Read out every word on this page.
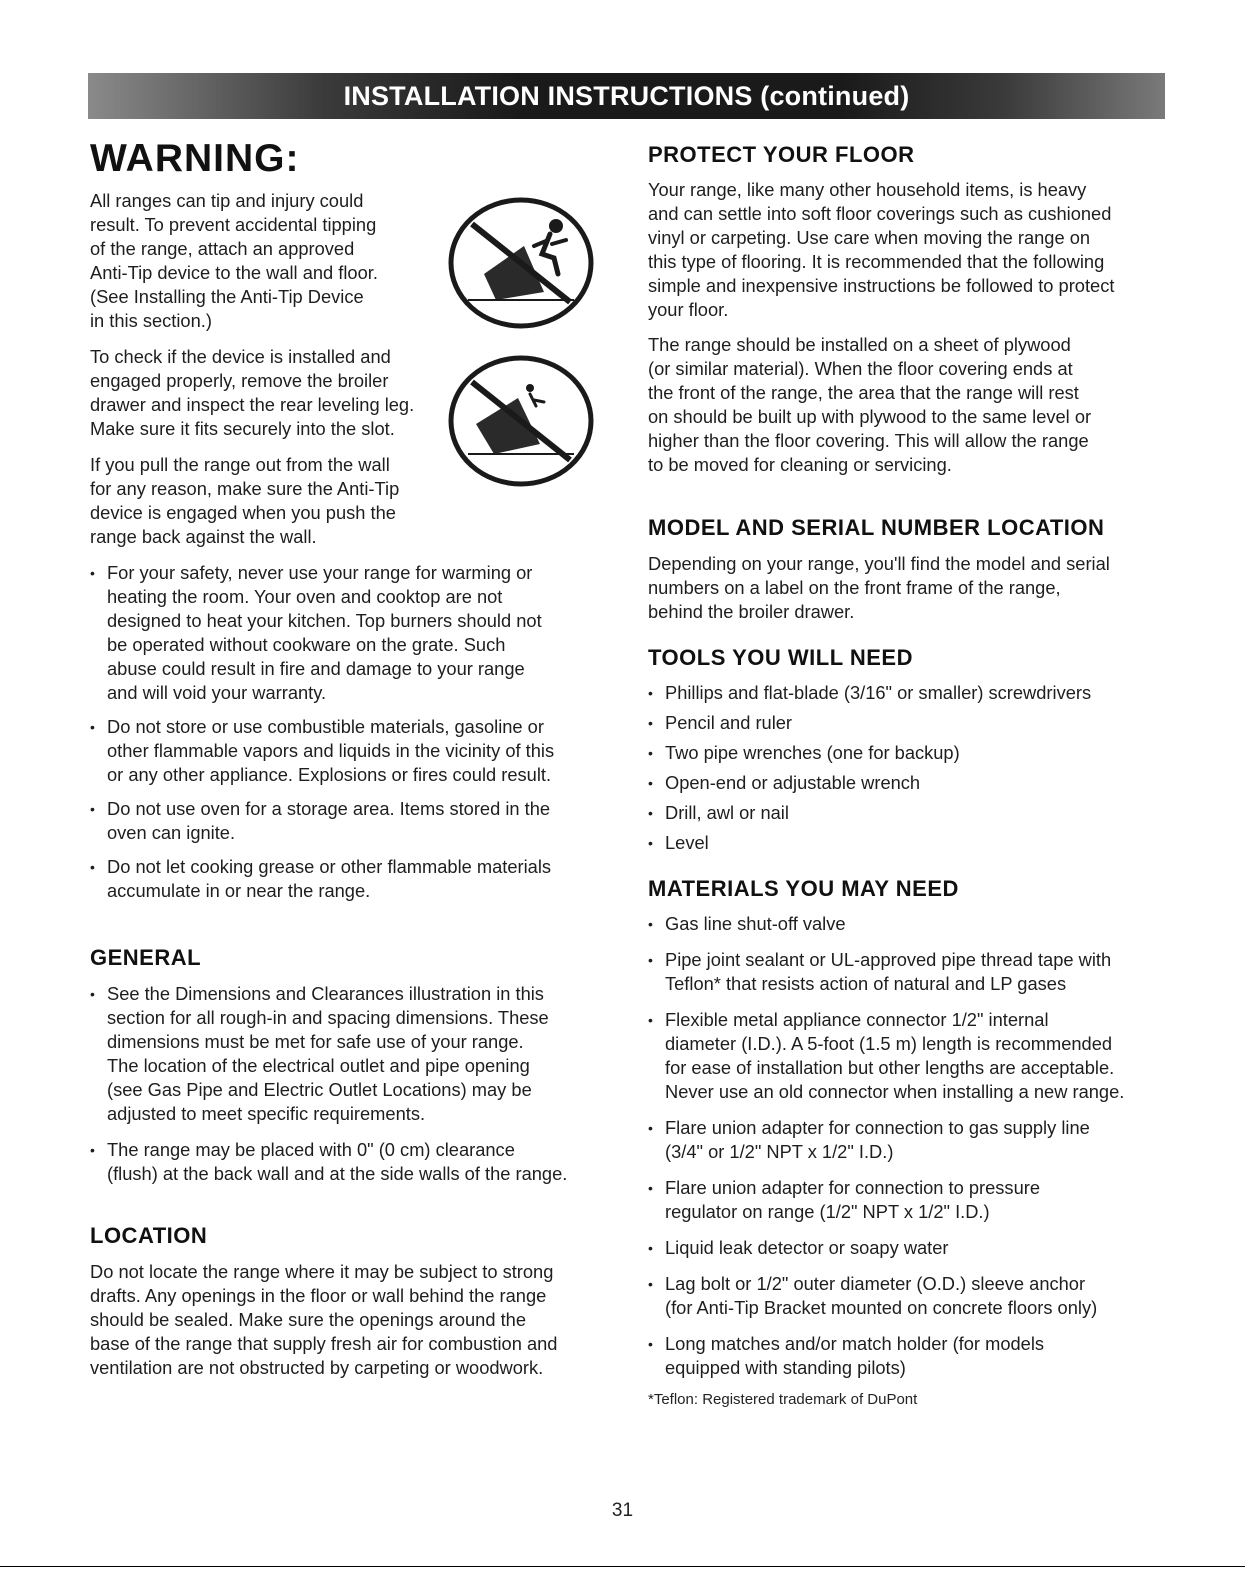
INSTALLATION INSTRUCTIONS (continued)
WARNING:
All ranges can tip and injury could
result. To prevent accidental tipping
of the range, attach an approved
Anti-Tip device to the wall and floor.
(See Installing the Anti-Tip Device
in this section.)
To check if the device is installed and
engaged properly, remove the broiler
drawer and inspect the rear leveling leg.
Make sure it fits securely into the slot.
If you pull the range out from the wall
for any reason, make sure the Anti-Tip
device is engaged when you push the
range back against the wall.
• For your safety, never use your range for warming or
heating the room. Your oven and cooktop are not
designed to heat your kitchen. Top burners should not
be operated without cookware on the grate. Such
abuse could result in fire and damage to your range
and will void your warranty.
• Do not store or use combustible materials, gasoline or
other flammable vapors and liquids in the vicinity of this
or any other appliance. Explosions or fires could result.
• Do not use oven for a storage area. Items stored in the
oven can ignite.
• Do not let cooking grease or other flammable materials
accumulate in or near the range.
GENERAL
• See the Dimensions and Clearances illustration in this
section for all rough-in and spacing dimensions. These
dimensions must be met for safe use of your range.
The location of the electrical outlet and pipe opening
(see Gas Pipe and Electric Outlet Locations) may be
adjusted to meet specific requirements.
• The range may be placed with 0" (0 cm) clearance
(flush) at the back wall and at the side walls of the range.
LOCATION
Do not locate the range where it may be subject to strong
drafts. Any openings in the floor or wall behind the range
should be sealed. Make sure the openings around the
base of the range that supply fresh air for combustion and
ventilation are not obstructed by carpeting or woodwork.
PROTECT YOUR FLOOR
Your range, like many other household items, is heavy
and can settle into soft floor coverings such as cushioned
vinyl or carpeting. Use care when moving the range on
this type of flooring. It is recommended that the following
simple and inexpensive instructions be followed to protect
your floor.
The range should be installed on a sheet of plywood
(or similar material). When the floor covering ends at
the front of the range, the area that the range will rest
on should be built up with plywood to the same level or
higher than the floor covering. This will allow the range
to be moved for cleaning or servicing.
MODEL AND SERIAL NUMBER LOCATION
Depending on your range, you'll find the model and serial
numbers on a label on the front frame of the range,
behind the broiler drawer.
TOOLS YOU WILL NEED
• Phillips and flat-blade (3/16" or smaller) screwdrivers
• Pencil and ruler
• Two pipe wrenches (one for backup)
• Open-end or adjustable wrench
• Drill, awl or nail
• Level
MATERIALS YOU MAY NEED
• Gas line shut-off valve
• Pipe joint sealant or UL-approved pipe thread tape with
Teflon* that resists action of natural and LP gases
• Flexible metal appliance connector 1/2" internal
diameter (I.D.). A 5-foot (1.5 m) length is recommended
for ease of installation but other lengths are acceptable.
Never use an old connector when installing a new range.
• Flare union adapter for connection to gas supply line
(3/4" or 1/2" NPT x 1/2" I.D.)
• Flare union adapter for connection to pressure
regulator on range (1/2" NPT x 1/2" I.D.)
• Liquid leak detector or soapy water
• Lag bolt or 1/2" outer diameter (O.D.) sleeve anchor
(for Anti-Tip Bracket mounted on concrete floors only)
• Long matches and/or match holder (for models
equipped with standing pilots)

*Teflon: Registered trademark of DuPont

31
